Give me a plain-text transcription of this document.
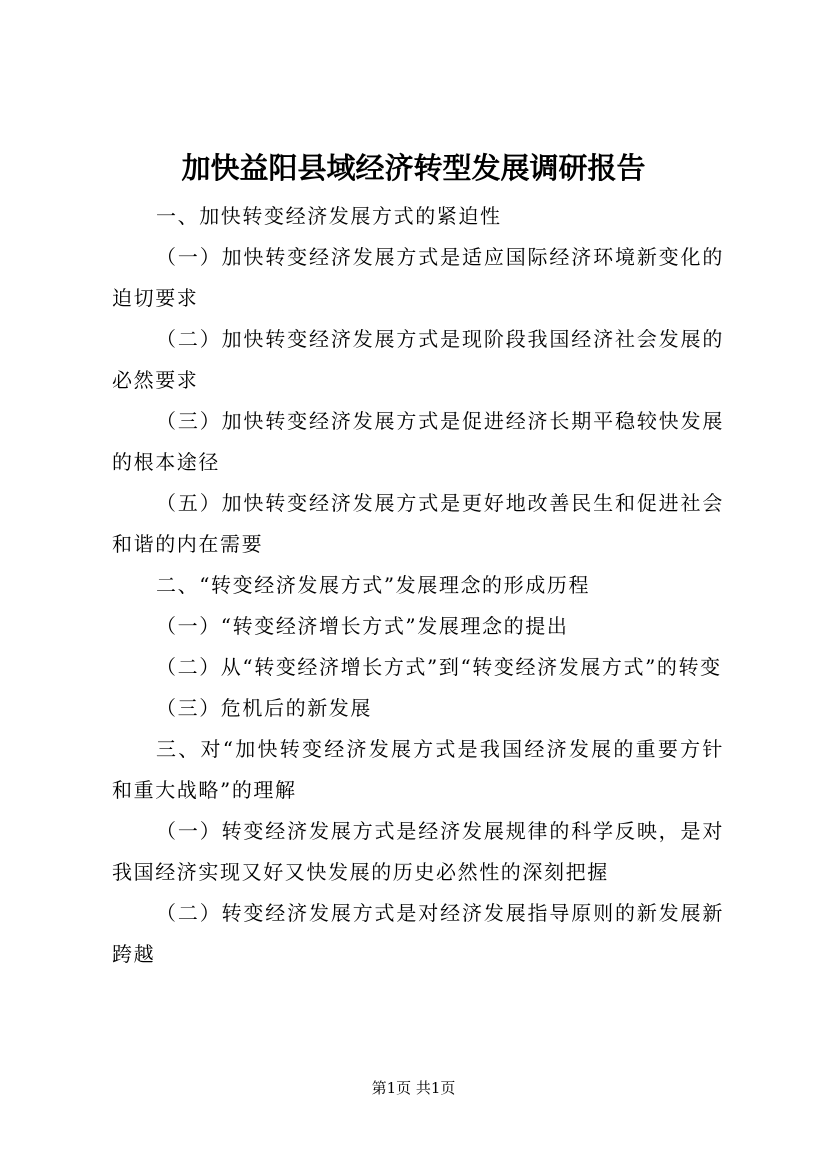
加快益阳县域经济转型发展调研报告

一、加快转变经济发展方式的紧迫性

（一）加快转变经济发展方式是适应国际经济环境新变化的迫切要求

（二）加快转变经济发展方式是现阶段我国经济社会发展的必然要求

（三）加快转变经济发展方式是促进经济长期平稳较快发展的根本途径

（五）加快转变经济发展方式是更好地改善民生和促进社会和谐的内在需要

二、“转变经济发展方式”发展理念的形成历程

（一）“转变经济增长方式”发展理念的提出

（二）从“转变经济增长方式”到“转变经济发展方式”的转变

（三）危机后的新发展

三、对“加快转变经济发展方式是我国经济发展的重要方针和重大战略”的理解

（一）转变经济发展方式是经济发展规律的科学反映，是对我国经济实现又好又快发展的历史必然性的深刻把握

（二）转变经济发展方式是对经济发展指导原则的新发展新跨越

第1页 共1页
